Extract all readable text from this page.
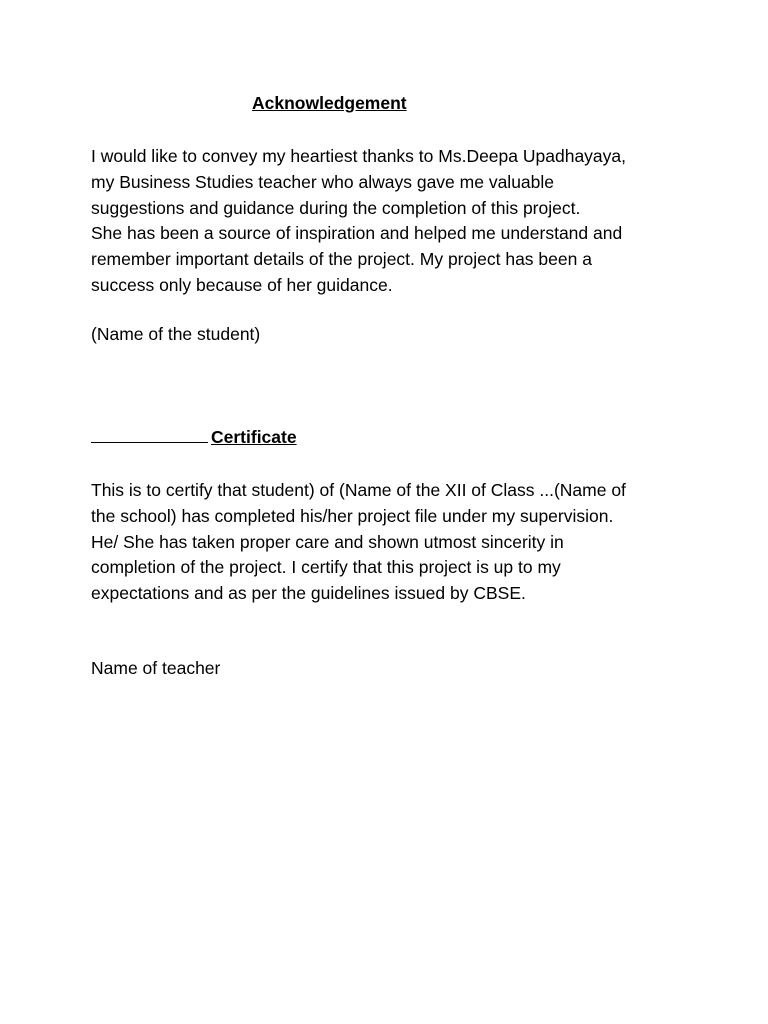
Acknowledgement

I would like to convey my heartiest thanks to Ms.Deepa Upadhayaya,
my Business Studies teacher who always gave me valuable
suggestions and guidance during the completion of this project.
She has been a source of inspiration and helped me understand and
remember important details of the project. My project has been a
success only because of her guidance.

(Name of the student)

Certificate

This is to certify that student) of (Name of the XII of Class ...(Name of
the school) has completed his/her project file under my supervision.
He/ She has taken proper care and shown utmost sincerity in
completion of the project. I certify that this project is up to my
expectations and as per the guidelines issued by CBSE.

Name of teacher
